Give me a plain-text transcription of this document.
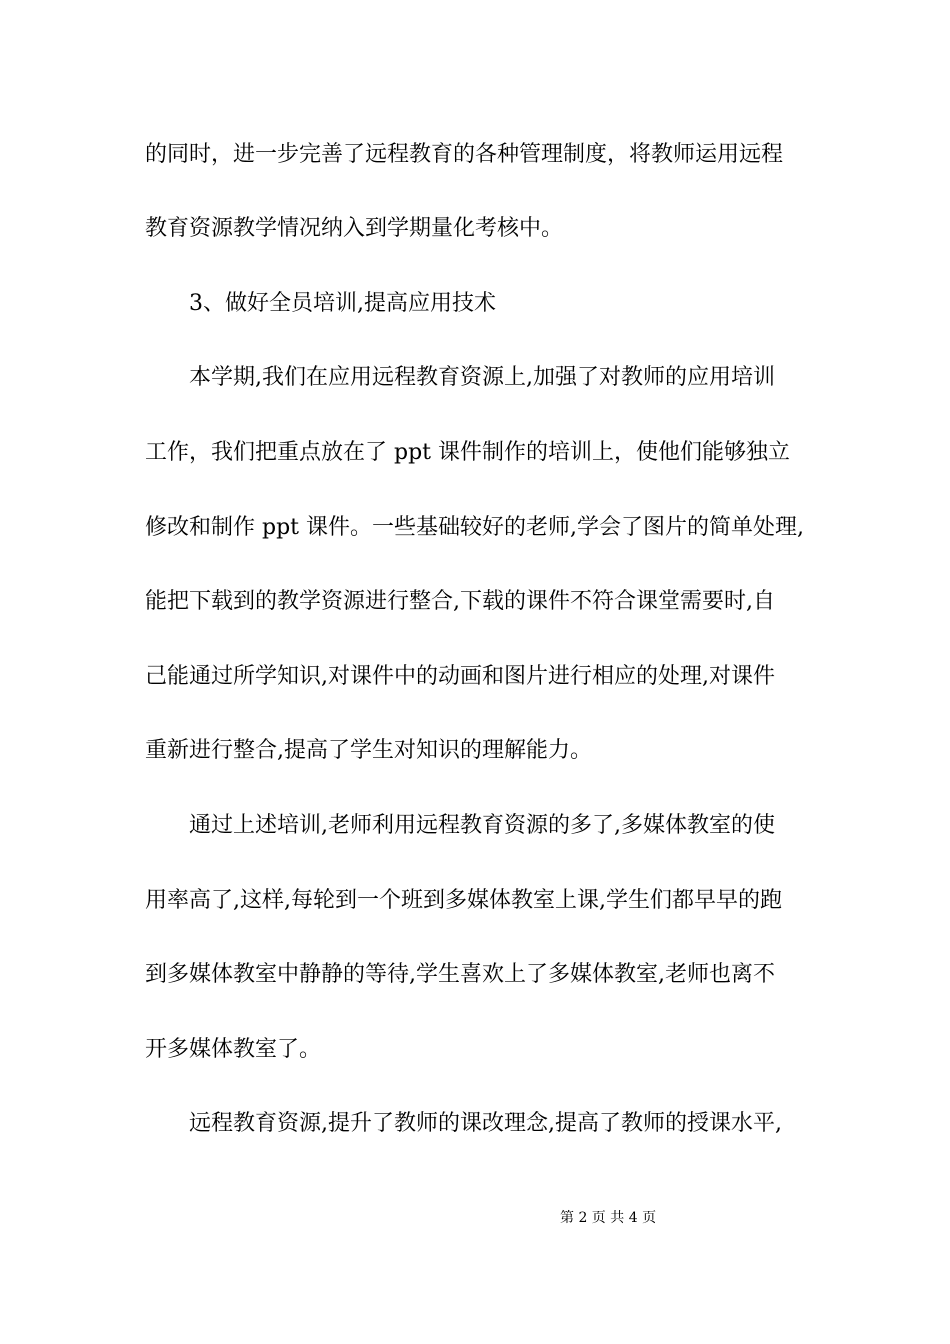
的同时，进一步完善了远程教育的各种管理制度，将教师运用远程
教育资源教学情况纳入到学期量化考核中。
3、做好全员培训,提高应用技术
本学期,我们在应用远程教育资源上,加强了对教师的应用培训
工作，我们把重点放在了 ppt 课件制作的培训上，使他们能够独立
修改和制作 ppt 课件。一些基础较好的老师,学会了图片的简单处理,
能把下载到的教学资源进行整合,下载的课件不符合课堂需要时,自
己能通过所学知识,对课件中的动画和图片进行相应的处理,对课件
重新进行整合,提高了学生对知识的理解能力。
通过上述培训,老师利用远程教育资源的多了,多媒体教室的使
用率高了,这样,每轮到一个班到多媒体教室上课,学生们都早早的跑
到多媒体教室中静静的等待,学生喜欢上了多媒体教室,老师也离不
开多媒体教室了。
远程教育资源,提升了教师的课改理念,提高了教师的授课水平,
第 2 页 共 4 页
